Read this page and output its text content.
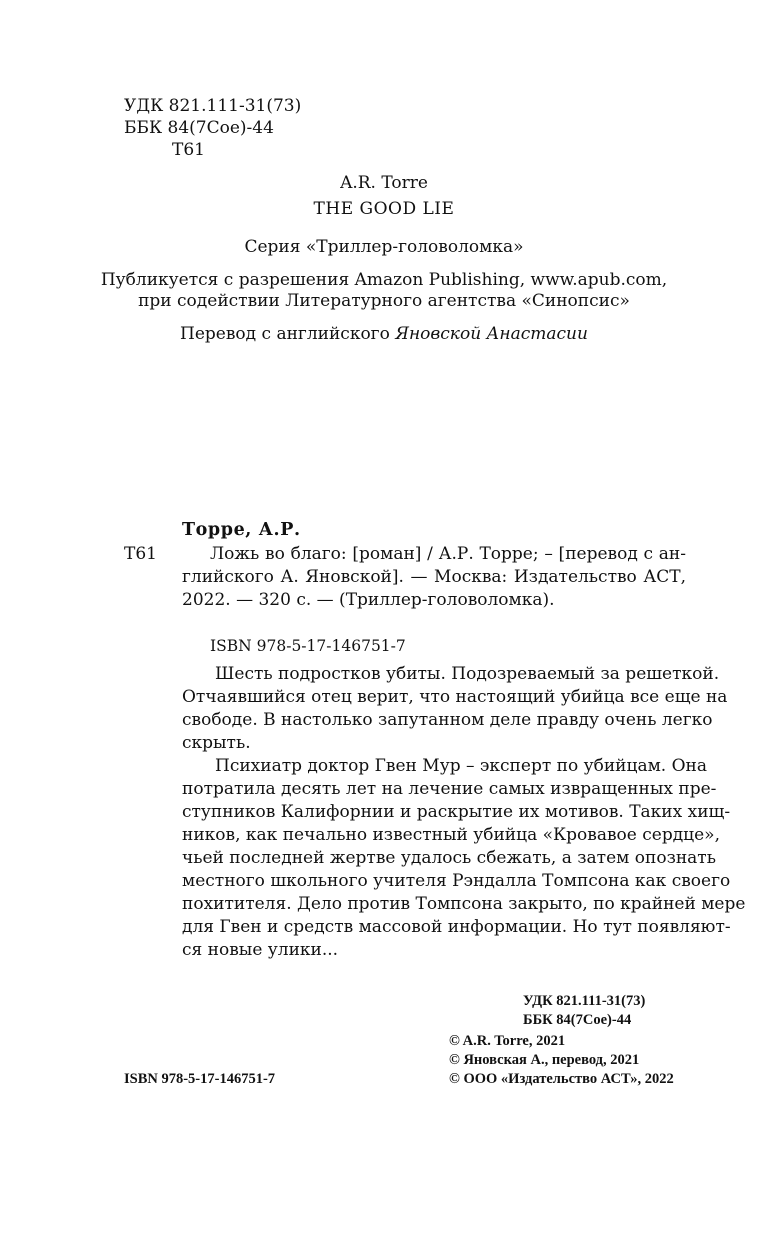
УДК 821.111-31(73)
ББК 84(7Сое)-44
Т61
A.R. Torre
THE GOOD LIE
Серия «Триллер-головоломка»
Публикуется с разрешения Amazon Publishing, www.apub.com,
при содействии Литературного агентства «Синопсис»
Перевод с английского Яновской Анастасии
Торре, А.Р.
Т61	Ложь во благо: [роман] / А.Р. Торре; – [перевод с ан-
глийского А. Яновской]. — Москва: Издательство АСТ,
2022. — 320 с. — (Триллер-головоломка).
ISBN 978-5-17-146751-7
Шесть подростков убиты. Подозреваемый за решеткой.
Отчаявшийся отец верит, что настоящий убийца все еще на
свободе. В настолько запутанном деле правду очень легко
скрыть.
Психиатр доктор Гвен Мур – эксперт по убийцам. Она
потратила десять лет на лечение самых извращенных пре-
ступников Калифорнии и раскрытие их мотивов. Таких хищ-
ников, как печально известный убийца «Кровавое сердце»,
чьей последней жертве удалось сбежать, а затем опознать
местного школьного учителя Рэндалла Томпсона как своего
похитителя. Дело против Томпсона закрыто, по крайней мере
для Гвен и средств массовой информации. Но тут появляют-
ся новые улики...
УДК 821.111-31(73)
ББК 84(7Сое)-44
© A.R. Torre, 2021
© Яновская А., перевод, 2021
© ООО «Издательство АСТ», 2022
ISBN 978-5-17-146751-7
